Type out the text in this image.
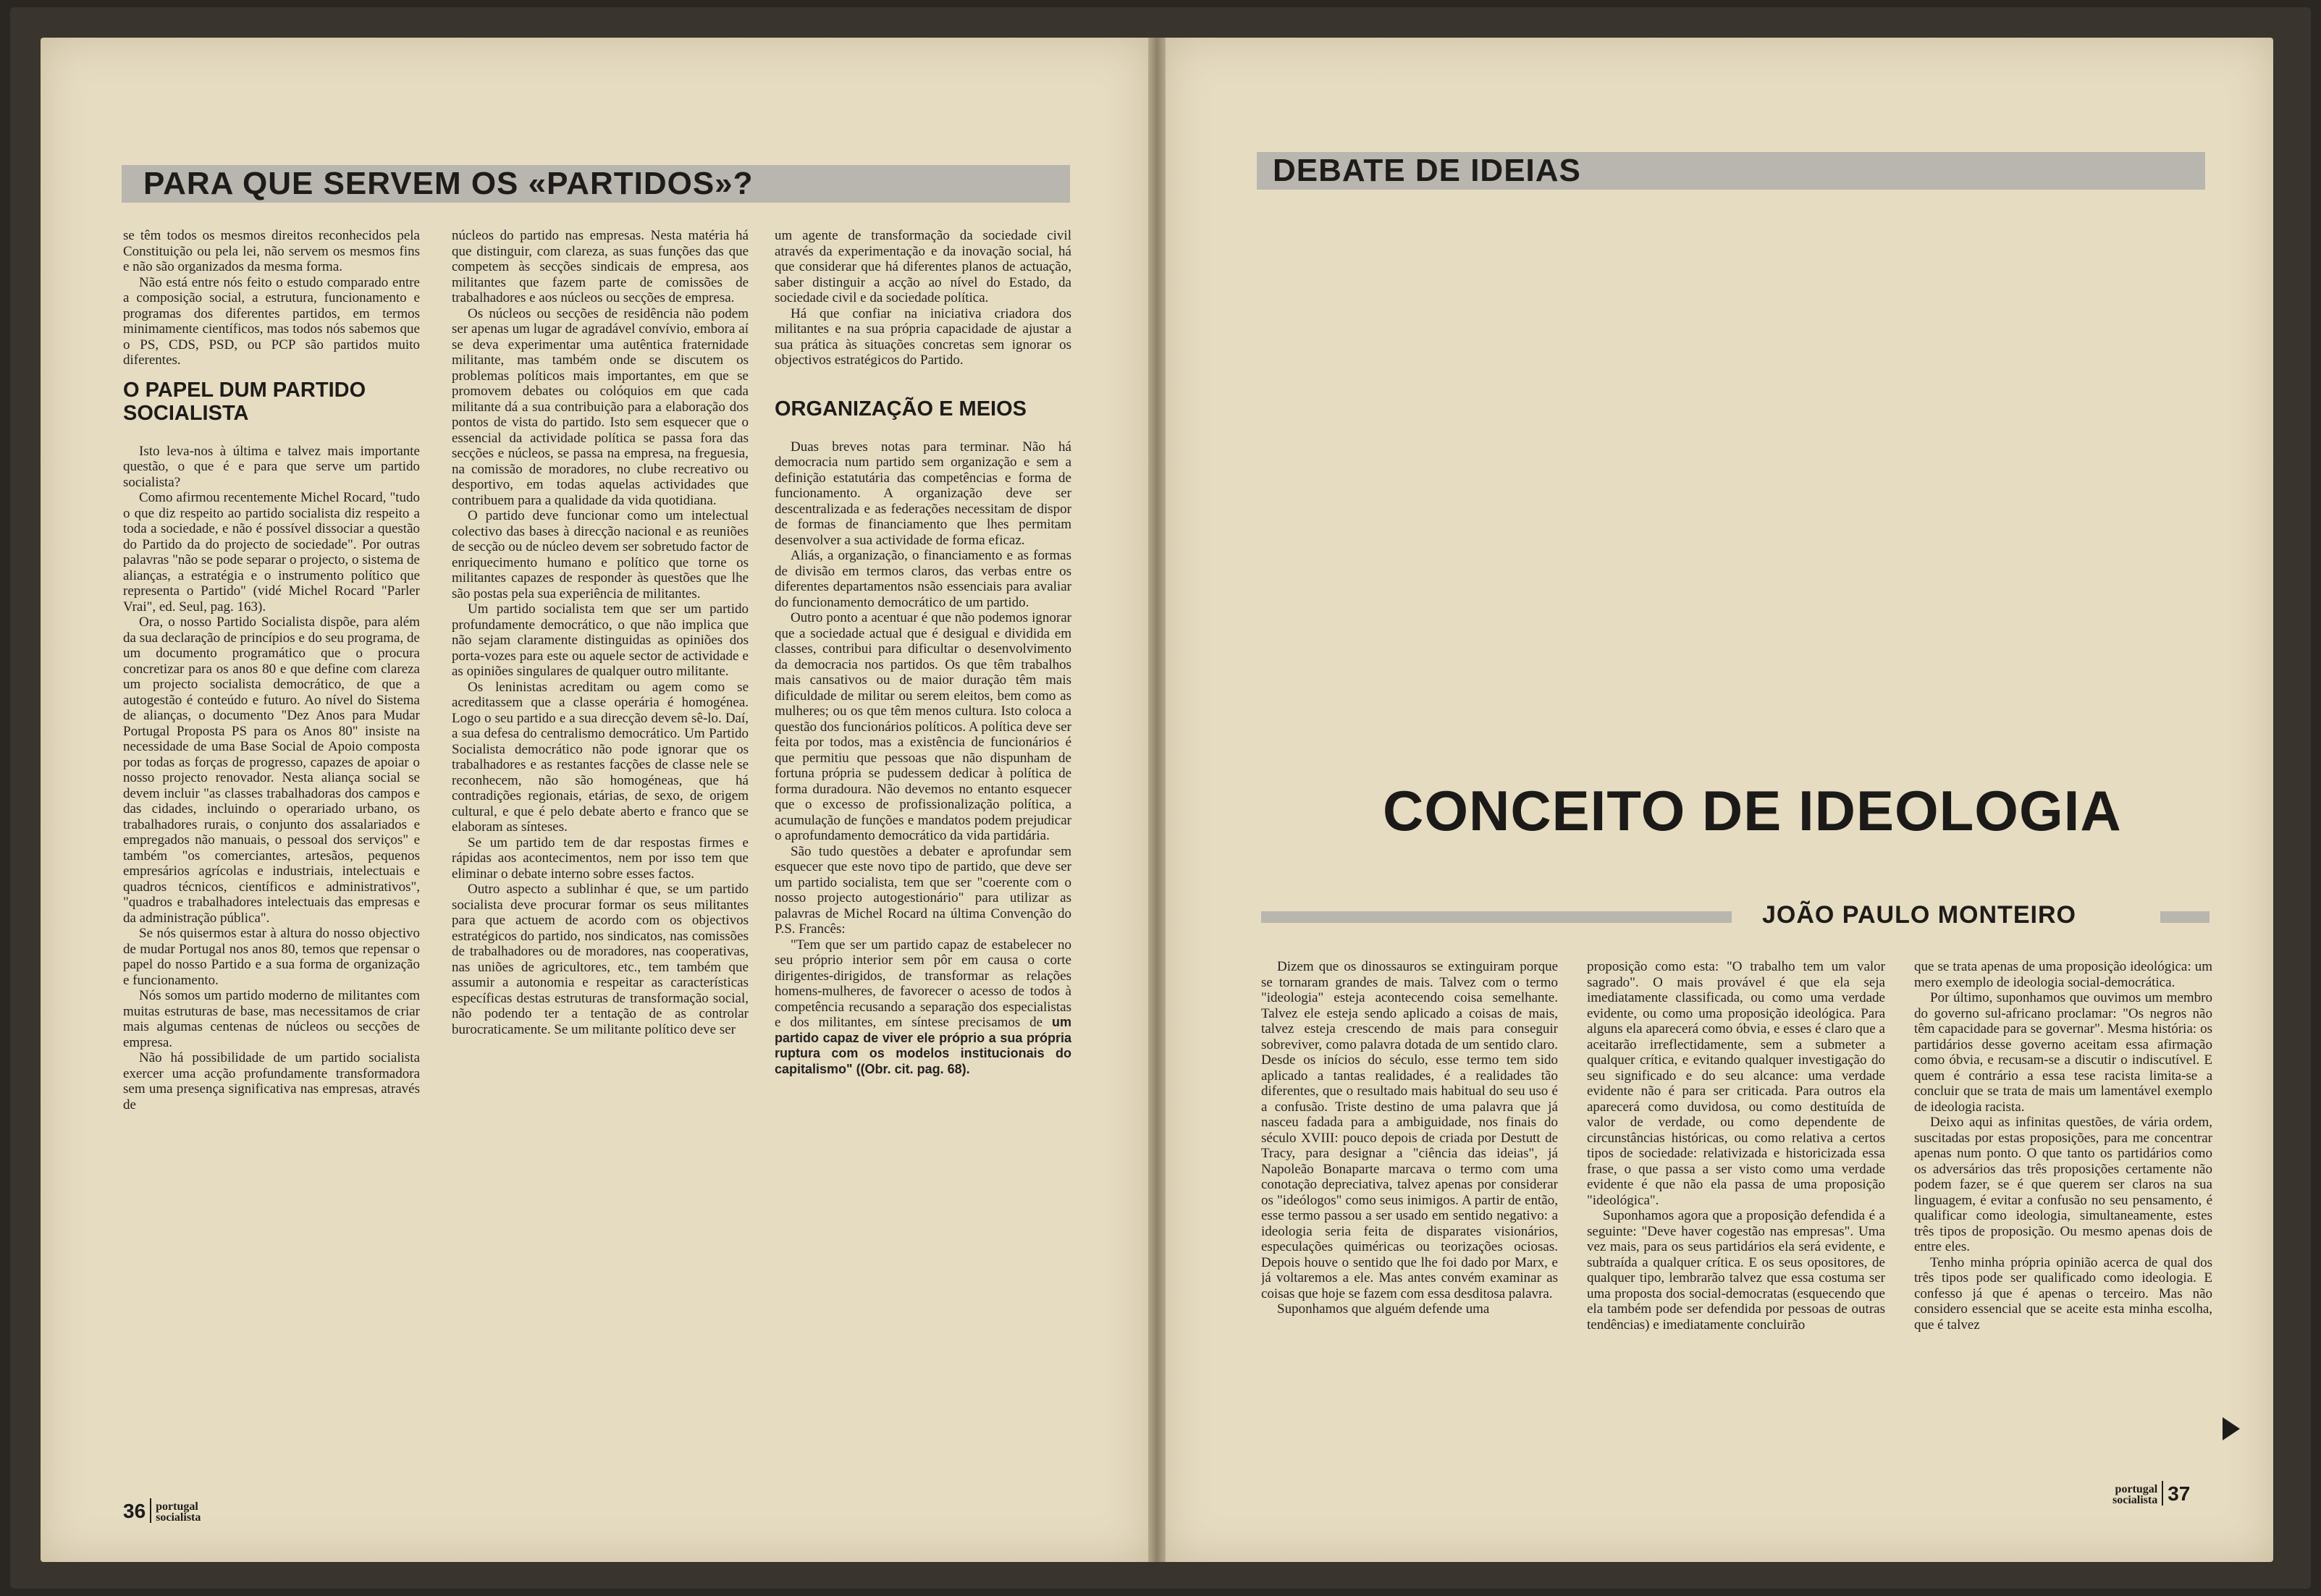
PARA QUE SERVEM OS «PARTIDOS»?

se têm todos os mesmos direitos reconhecidos pela Constituição ou pela lei, não servem os mesmos fins e não são organizados da mesma forma.

Não está entre nós feito o estudo comparado entre a composição social, a estrutura, funcionamento e programas dos diferentes partidos, em termos minimamente científicos, mas todos nós sabemos que o PS, CDS, PSD, ou PCP são partidos muito diferentes.

O PAPEL DUM PARTIDO SOCIALISTA

Isto leva-nos à última e talvez mais importante questão, o que é e para que serve um partido socialista?

Como afirmou recentemente Michel Rocard, "tudo o que diz respeito ao partido socialista diz respeito a toda a sociedade, e não é possível dissociar a questão do Partido da do projecto de sociedade". Por outras palavras "não se pode separar o projecto, o sistema de alianças, a estratégia e o instrumento político que representa o Partido" (vidé Michel Rocard "Parler Vrai", ed. Seul, pag. 163).

Ora, o nosso Partido Socialista dispõe, para além da sua declaração de princípios e do seu programa, de um documento programático que o procura concretizar para os anos 80 e que define com clareza um projecto socialista democrático, de que a autogestão é conteúdo e futuro. Ao nível do Sistema de alianças, o documento "Dez Anos para Mudar Portugal Proposta PS para os Anos 80" insiste na necessidade de uma Base Social de Apoio composta por todas as forças de progresso, capazes de apoiar o nosso projecto renovador. Nesta aliança social se devem incluir "as classes trabalhadoras dos campos e das cidades, incluindo o operariado urbano, os trabalhadores rurais, o conjunto dos assalariados e empregados não manuais, o pessoal dos serviços" e também "os comerciantes, artesãos, pequenos empresários agrícolas e industriais, intelectuais e quadros técnicos, científicos e administrativos", "quadros e trabalhadores intelectuais das empresas e da administração pública".

Se nós quisermos estar à altura do nosso objectivo de mudar Portugal nos anos 80, temos que repensar o papel do nosso Partido e a sua forma de organização e funcionamento.

Nós somos um partido moderno de militantes com muitas estruturas de base, mas necessitamos de criar mais algumas centenas de núcleos ou secções de empresa.

Não há possibilidade de um partido socialista exercer uma acção profundamente transformadora sem uma presença significativa nas empresas, através de

núcleos do partido nas empresas. Nesta matéria há que distinguir, com clareza, as suas funções das que competem às secções sindicais de empresa, aos militantes que fazem parte de comissões de trabalhadores e aos núcleos ou secções de empresa.

Os núcleos ou secções de residência não podem ser apenas um lugar de agradável convívio, embora aí se deva experimentar uma autêntica fraternidade militante, mas também onde se discutem os problemas políticos mais importantes, em que se promovem debates ou colóquios em que cada militante dá a sua contribuição para a elaboração dos pontos de vista do partido. Isto sem esquecer que o essencial da actividade política se passa fora das secções e núcleos, se passa na empresa, na freguesia, na comissão de moradores, no clube recreativo ou desportivo, em todas aquelas actividades que contribuem para a qualidade da vida quotidiana.

O partido deve funcionar como um intelectual colectivo das bases à direcção nacional e as reuniões de secção ou de núcleo devem ser sobretudo factor de enriquecimento humano e político que torne os militantes capazes de responder às questões que lhe são postas pela sua experiência de militantes.

Um partido socialista tem que ser um partido profundamente democrático, o que não implica que não sejam claramente distinguidas as opiniões dos porta-vozes para este ou aquele sector de actividade e as opiniões singulares de qualquer outro militante.

Os leninistas acreditam ou agem como se acreditassem que a classe operária é homogénea. Logo o seu partido e a sua direcção devem sê-lo. Daí, a sua defesa do centralismo democrático. Um Partido Socialista democrático não pode ignorar que os trabalhadores e as restantes facções de classe nele se reconhecem, não são homogéneas, que há contradições regionais, etárias, de sexo, de origem cultural, e que é pelo debate aberto e franco que se elaboram as sínteses.

Se um partido tem de dar respostas firmes e rápidas aos acontecimentos, nem por isso tem que eliminar o debate interno sobre esses factos.

Outro aspecto a sublinhar é que, se um partido socialista deve procurar formar os seus militantes para que actuem de acordo com os objectivos estratégicos do partido, nos sindicatos, nas comissões de trabalhadores ou de moradores, nas cooperativas, nas uniões de agricultores, etc., tem também que assumir a autonomia e respeitar as características específicas destas estruturas de transformação social, não podendo ter a tentação de as controlar burocraticamente. Se um militante político deve ser

um agente de transformação da sociedade civil através da experimentação e da inovação social, há que considerar que há diferentes planos de actuação, saber distinguir a acção ao nível do Estado, da sociedade civil e da sociedade política.

Há que confiar na iniciativa criadora dos militantes e na sua própria capacidade de ajustar a sua prática às situações concretas sem ignorar os objectivos estratégicos do Partido.

ORGANIZAÇÃO E MEIOS

Duas breves notas para terminar. Não há democracia num partido sem organização e sem a definição estatutária das competências e forma de funcionamento. A organização deve ser descentralizada e as federações necessitam de dispor de formas de financiamento que lhes permitam desenvolver a sua actividade de forma eficaz.

Aliás, a organização, o financiamento e as formas de divisão em termos claros, das verbas entre os diferentes departamentos nsão essenciais para avaliar do funcionamento democrático de um partido.

Outro ponto a acentuar é que não podemos ignorar que a sociedade actual que é desigual e dividida em classes, contribui para dificultar o desenvolvimento da democracia nos partidos. Os que têm trabalhos mais cansativos ou de maior duração têm mais dificuldade de militar ou serem eleitos, bem como as mulheres; ou os que têm menos cultura. Isto coloca a questão dos funcionários políticos. A política deve ser feita por todos, mas a existência de funcionários é que permitiu que pessoas que não dispunham de fortuna própria se pudessem dedicar à política de forma duradoura. Não devemos no entanto esquecer que o excesso de profissionalização política, a acumulação de funções e mandatos podem prejudicar o aprofundamento democrático da vida partidária.

São tudo questões a debater e aprofundar sem esquecer que este novo tipo de partido, que deve ser um partido socialista, tem que ser "coerente com o nosso projecto autogestionário" para utilizar as palavras de Michel Rocard na última Convenção do P.S. Francês:

"Tem que ser um partido capaz de estabelecer no seu próprio interior sem pôr em causa o corte dirigentes-dirigidos, de transformar as relações homens-mulheres, de favorecer o acesso de todos à competência recusando a separação dos especialistas e dos militantes, em síntese precisamos de um partido capaz de viver ele próprio a sua própria ruptura com os modelos institucionais do capitalismo" ((Obr. cit. pag. 68).

36 portugal
socialista
DEBATE DE IDEIAS
CONCEITO DE IDEOLOGIA
JOÃO PAULO MONTEIRO

Dizem que os dinossauros se extinguiram porque se tornaram grandes de mais. Talvez com o termo "ideologia" esteja acontecendo coisa semelhante. Talvez ele esteja sendo aplicado a coisas de mais, talvez esteja crescendo de mais para conseguir sobreviver, como palavra dotada de um sentido claro. Desde os inícios do século, esse termo tem sido aplicado a tantas realidades, é a realidades tão diferentes, que o resultado mais habitual do seu uso é a confusão. Triste destino de uma palavra que já nasceu fadada para a ambiguidade, nos finais do século XVIII: pouco depois de criada por Destutt de Tracy, para designar a "ciência das ideias", já Napoleão Bonaparte marcava o termo com uma conotação depreciativa, talvez apenas por considerar os "ideólogos" como seus inimigos. A partir de então, esse termo passou a ser usado em sentido negativo: a ideologia seria feita de disparates visionários, especulações quiméricas ou teorizações ociosas. Depois houve o sentido que lhe foi dado por Marx, e já voltaremos a ele. Mas antes convém examinar as coisas que hoje se fazem com essa desditosa palavra.

Suponhamos que alguém defende uma

proposição como esta: "O trabalho tem um valor sagrado". O mais provável é que ela seja imediatamente classificada, ou como uma verdade evidente, ou como uma proposição ideológica. Para alguns ela aparecerá como óbvia, e esses é claro que a aceitarão irreflectidamente, sem a submeter a qualquer crítica, e evitando qualquer investigação do seu significado e do seu alcance: uma verdade evidente não é para ser criticada. Para outros ela aparecerá como duvidosa, ou como destituída de valor de verdade, ou como dependente de circunstâncias históricas, ou como relativa a certos tipos de sociedade: relativizada e historicizada essa frase, o que passa a ser visto como uma verdade evidente é que não ela passa de uma proposição "ideológica".

Suponhamos agora que a proposição defendida é a seguinte: "Deve haver cogestão nas empresas". Uma vez mais, para os seus partidários ela será evidente, e subtraída a qualquer crítica. E os seus opositores, de qualquer tipo, lembrarão talvez que essa costuma ser uma proposta dos social-democratas (esquecendo que ela também pode ser defendida por pessoas de outras tendências) e imediatamente concluirão

que se trata apenas de uma proposição ideológica: um mero exemplo de ideologia social-democrática.

Por último, suponhamos que ouvimos um membro do governo sul-africano proclamar: "Os negros não têm capacidade para se governar". Mesma história: os partidários desse governo aceitam essa afirmação como óbvia, e recusam-se a discutir o indiscutível. E quem é contrário a essa tese racista limita-se a concluir que se trata de mais um lamentável exemplo de ideologia racista.

Deixo aqui as infinitas questões, de vária ordem, suscitadas por estas proposições, para me concentrar apenas num ponto. O que tanto os partidários como os adversários das três proposições certamente não podem fazer, se é que querem ser claros na sua linguagem, é evitar a confusão no seu pensamento, é qualificar como ideologia, simultaneamente, estes três tipos de proposição. Ou mesmo apenas dois de entre eles.

Tenho minha própria opinião acerca de qual dos três tipos pode ser qualificado como ideologia. E confesso já que é apenas o terceiro. Mas não considero essencial que se aceite esta minha escolha, que é talvez

portugal
socialista 37
